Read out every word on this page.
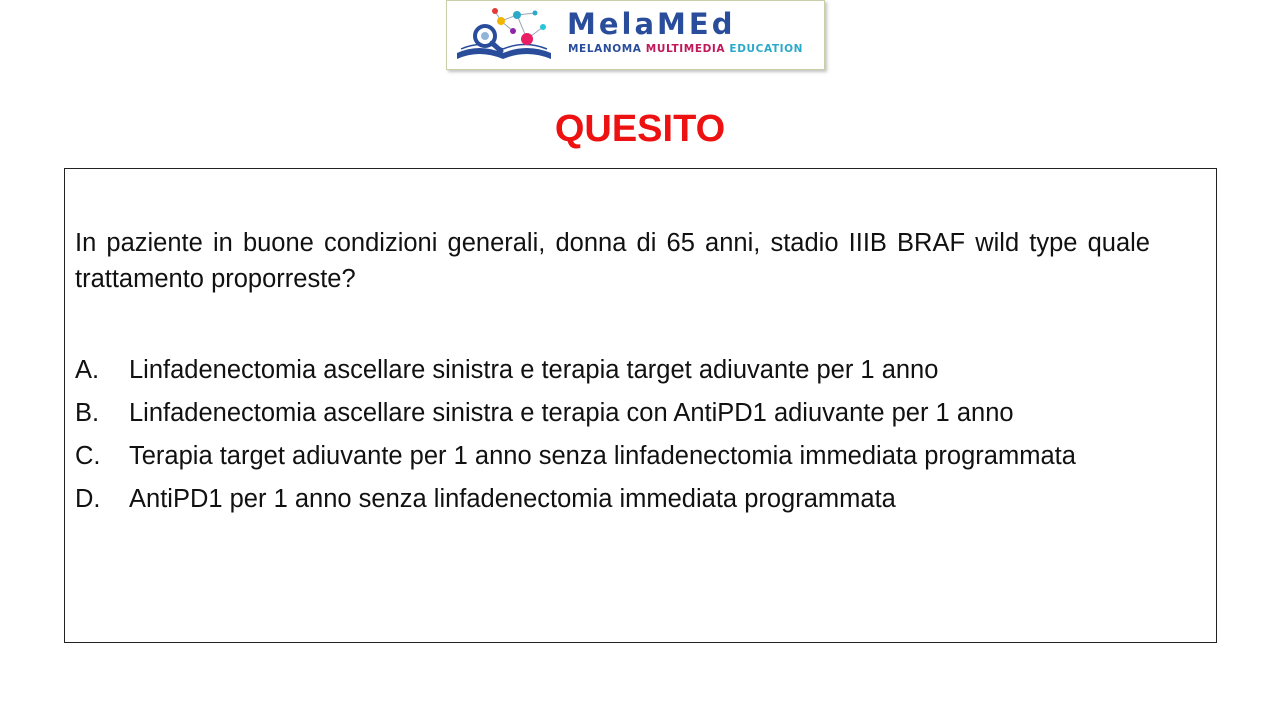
MelaMEd
MELANOMA MULTIMEDIA EDUCATION
QUESITO

In paziente in buone condizioni generali, donna di 65 anni, stadio IIIB BRAF wild type quale trattamento proporreste?

A. Linfadenectomia ascellare sinistra e terapia target adiuvante per 1 anno
B. Linfadenectomia ascellare sinistra e terapia con AntiPD1 adiuvante per 1 anno
C. Terapia target adiuvante per 1 anno senza linfadenectomia immediata programmata
D. AntiPD1 per 1 anno senza linfadenectomia immediata programmata
